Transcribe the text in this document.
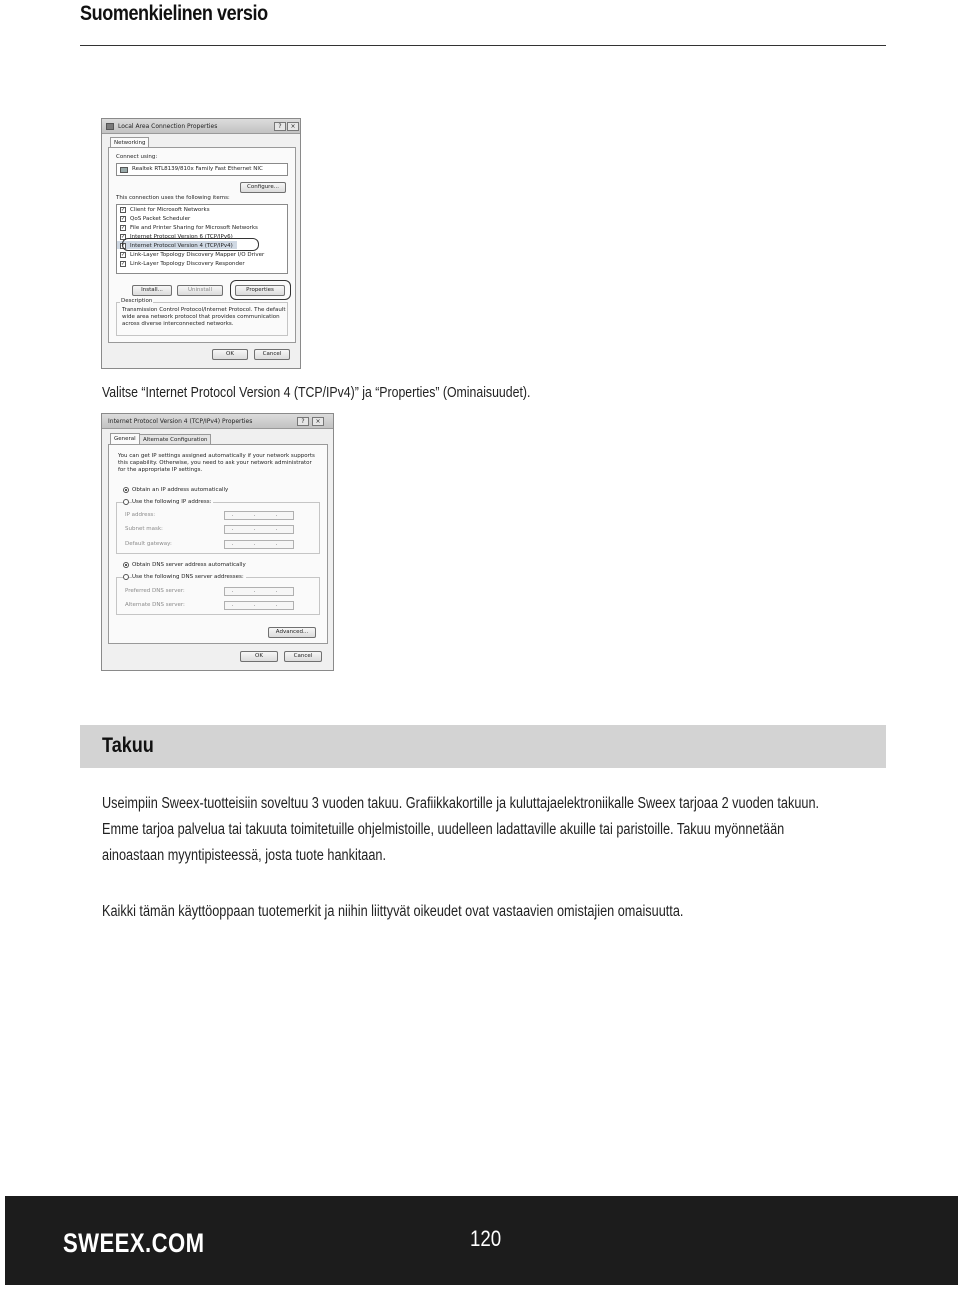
Suomenkielinen versio
Local Area Connection Properties	?	×
Networking
Connect using:
Realtek RTL8139/810x Family Fast Ethernet NIC
Configure...
This connection uses the following items:
✓ Client for Microsoft Networks
✓ QoS Packet Scheduler
✓ File and Printer Sharing for Microsoft Networks
✓ Internet Protocol Version 6 (TCP/IPv6)
✓ Internet Protocol Version 4 (TCP/IPv4)
✓ Link-Layer Topology Discovery Mapper I/O Driver
✓ Link-Layer Topology Discovery Responder
Install...	Uninstall	Properties
Description
Transmission Control Protocol/Internet Protocol. The default
wide area network protocol that provides communication
across diverse interconnected networks.
OK	Cancel
Valitse “Internet Protocol Version 4 (TCP/IPv4)” ja “Properties” (Ominaisuudet).
Internet Protocol Version 4 (TCP/IPv4) Properties	?	×
General	Alternate Configuration
You can get IP settings assigned automatically if your network supports
this capability. Otherwise, you need to ask your network administrator
for the appropriate IP settings.
Obtain an IP address automatically
Use the following IP address:
IP address:	. . .
Subnet mask:	. . .
Default gateway:	. . .
Obtain DNS server address automatically
Use the following DNS server addresses:
Preferred DNS server:	. . .
Alternate DNS server:	. . .
Advanced...
OK	Cancel
Takuu
Useimpiin Sweex-tuotteisiin soveltuu 3 vuoden takuu. Grafiikkakortille ja kuluttajaelektroniikalle Sweex tarjoaa 2 vuoden takuun.
Emme tarjoa palvelua tai takuuta toimitetuille ohjelmistoille, uudelleen ladattaville akuille tai paristoille. Takuu myönnetään
ainoastaan myyntipisteessä, josta tuote hankitaan.
Kaikki tämän käyttöoppaan tuotemerkit ja niihin liittyvät oikeudet ovat vastaavien omistajien omaisuutta.
SWEEX.COM	120
